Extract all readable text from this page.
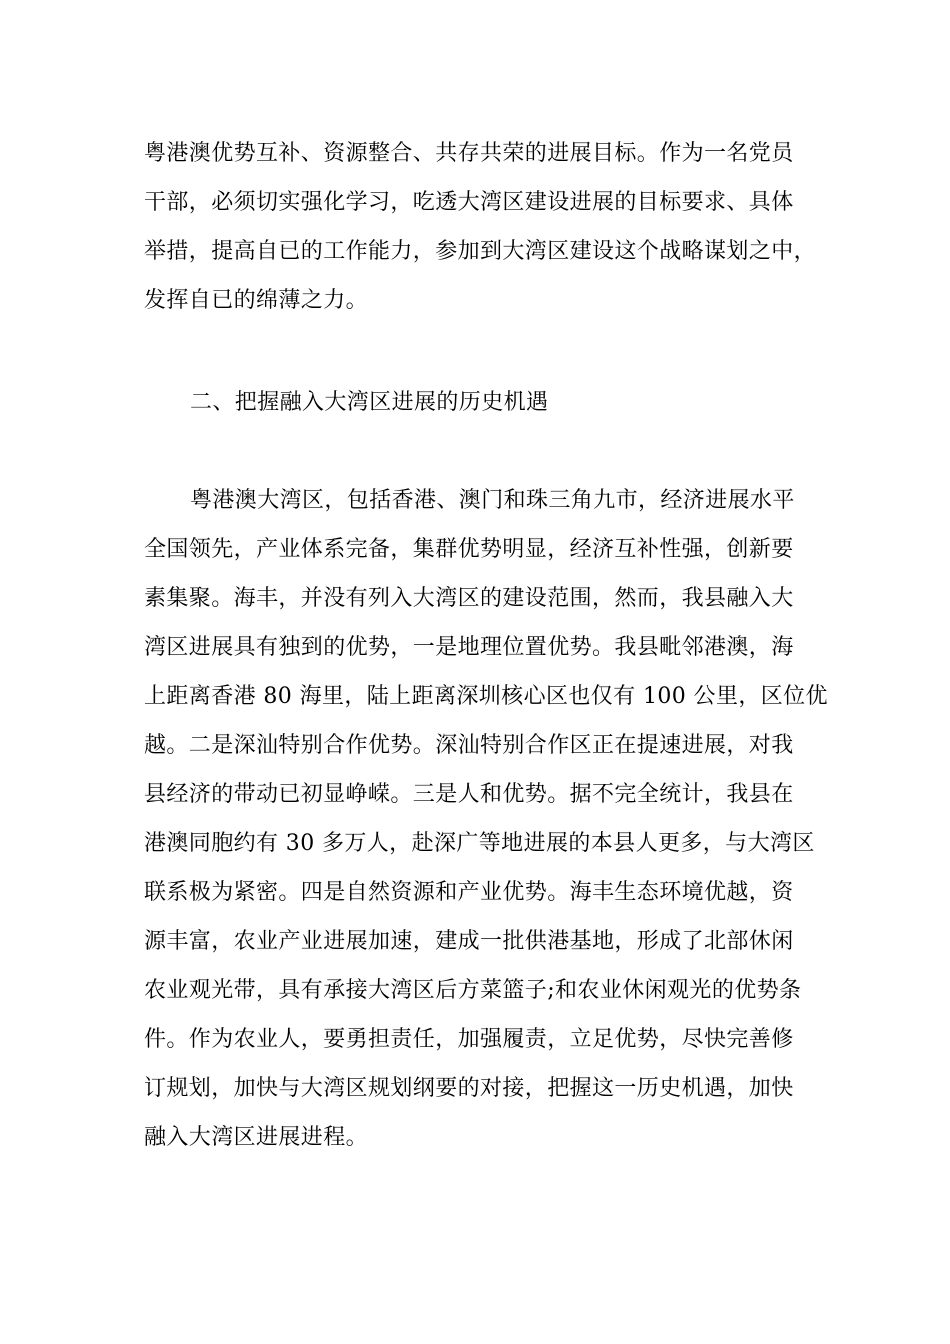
粤港澳优势互补、资源整合、共存共荣的进展目标。作为一名党员
干部，必须切实强化学习，吃透大湾区建设进展的目标要求、具体
举措，提高自已的工作能力，参加到大湾区建设这个战略谋划之中，
发挥自已的绵薄之力。

二、把握融入大湾区进展的历史机遇

粤港澳大湾区，包括香港、澳门和珠三角九市，经济进展水平
全国领先，产业体系完备，集群优势明显，经济互补性强，创新要
素集聚。海丰，并没有列入大湾区的建设范围，然而，我县融入大
湾区进展具有独到的优势，一是地理位置优势。我县毗邻港澳，海
上距离香港 80 海里，陆上距离深圳核心区也仅有 100 公里，区位优
越。二是深汕特别合作优势。深汕特别合作区正在提速进展，对我
县经济的带动已初显峥嵘。三是人和优势。据不完全统计，我县在
港澳同胞约有 30 多万人，赴深广等地进展的本县人更多，与大湾区
联系极为紧密。四是自然资源和产业优势。海丰生态环境优越，资
源丰富，农业产业进展加速，建成一批供港基地，形成了北部休闲
农业观光带，具有承接大湾区后方菜篮子;和农业休闲观光的优势条
件。作为农业人，要勇担责任，加强履责，立足优势，尽快完善修
订规划，加快与大湾区规划纲要的对接，把握这一历史机遇，加快
融入大湾区进展进程。
